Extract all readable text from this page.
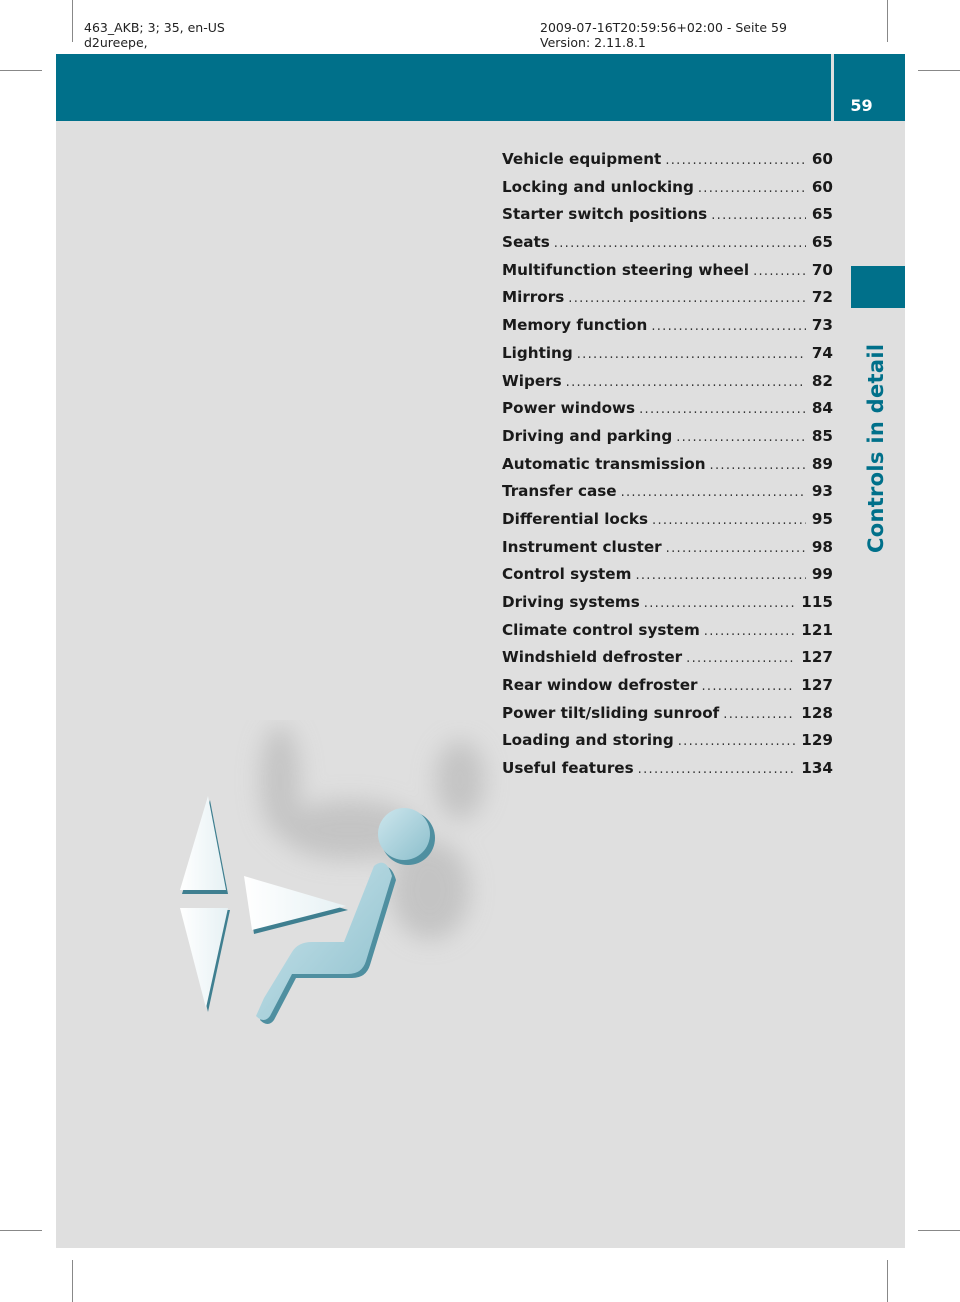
463_AKB; 3; 35, en-US
d2ureepe,
2009-07-16T20:59:56+02:00 - Seite 59
Version: 2.11.8.1
59
Controls in detail
Vehicle equipment .....	60
Locking and unlocking .....	60
Starter switch positions .....	65
Seats .....	65
Multifunction steering wheel .....	70
Mirrors .....	72
Memory function .....	73
Lighting .....	74
Wipers .....	82
Power windows .....	84
Driving and parking .....	85
Automatic transmission .....	89
Transfer case .....	93
Differential locks .....	95
Instrument cluster .....	98
Control system .....	99
Driving systems .....	115
Climate control system .....	121
Windshield defroster .....	127
Rear window defroster .....	127
Power tilt/sliding sunroof .....	128
Loading and storing .....	129
Useful features .....	134
